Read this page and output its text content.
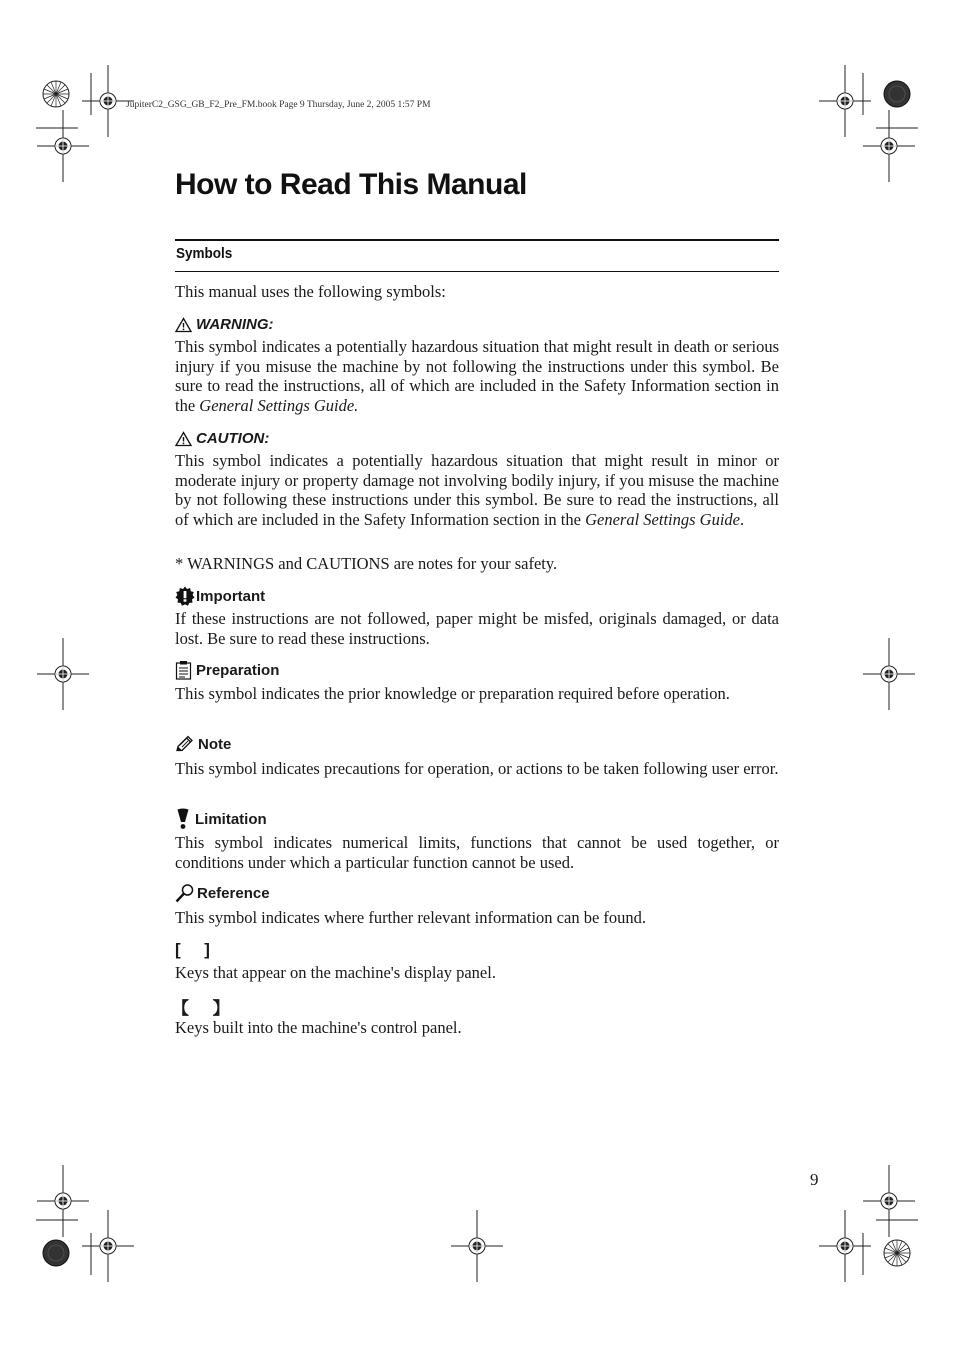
JupiterC2_GSG_GB_F2_Pre_FM.book Page 9 Thursday, June 2, 2005 1:57 PM
How to Read This Manual
Symbols
This manual uses the following symbols:
WARNING:
This symbol indicates a potentially hazardous situation that might result in death or serious injury if you misuse the machine by not following the instructions under this symbol. Be sure to read the instructions, all of which are included in the Safety Information section in the General Settings Guide.
CAUTION:
This symbol indicates a potentially hazardous situation that might result in minor or moderate injury or property damage not involving bodily injury, if you misuse the machine by not following these instructions under this symbol. Be sure to read the instructions, all of which are included in the Safety Information section in the General Settings Guide.
* WARNINGS and CAUTIONS are notes for your safety.
Important
If these instructions are not followed, paper might be misfed, originals damaged, or data lost. Be sure to read these instructions.
Preparation
This symbol indicates the prior knowledge or preparation required before operation.
Note
This symbol indicates precautions for operation, or actions to be taken following user error.
Limitation
This symbol indicates numerical limits, functions that cannot be used together, or conditions under which a particular function cannot be used.
Reference
This symbol indicates where further relevant information can be found.
[     ]
Keys that appear on the machine's display panel.
【     】
Keys built into the machine's control panel.
9
